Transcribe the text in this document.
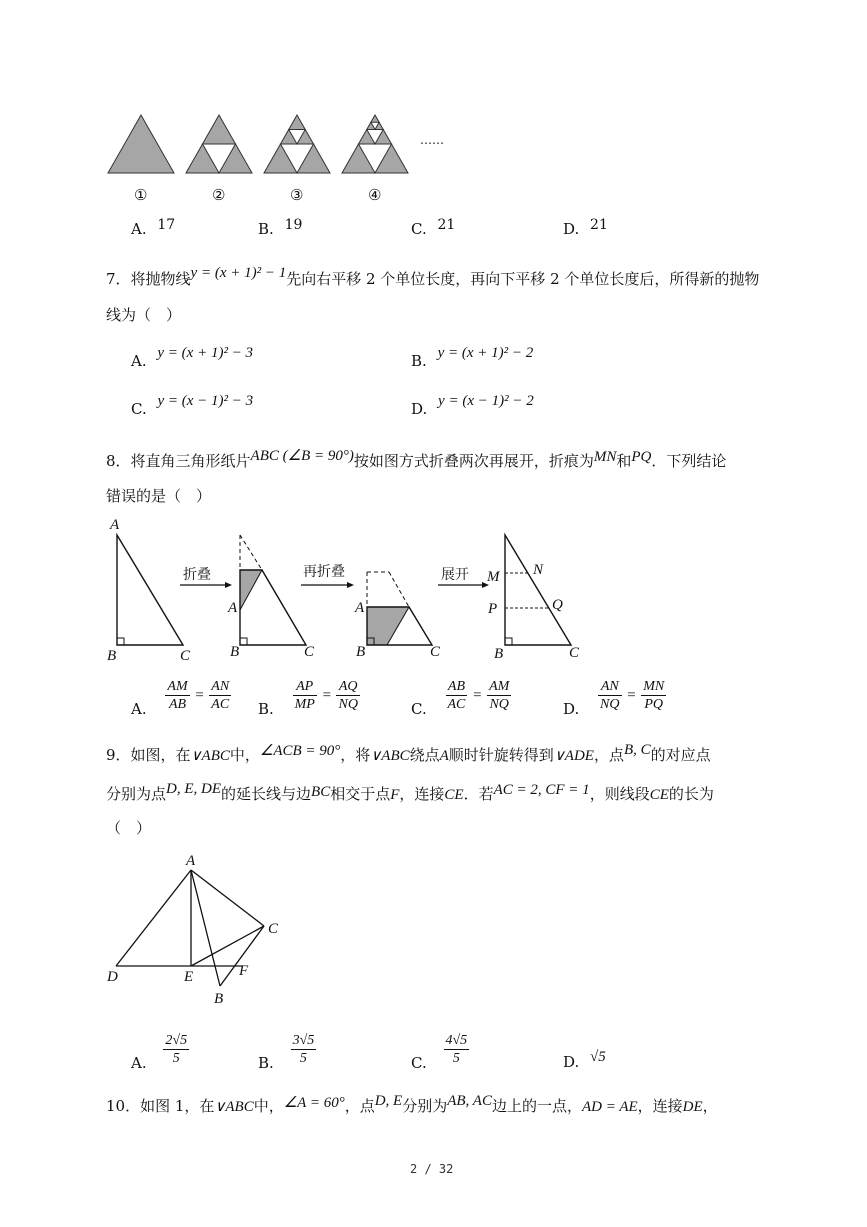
①	②	③	④
……
A. 17	B. 19	C. 21	D. 21
7．将抛物线y = (x + 1)² − 1先向右平移 2 个单位长度，再向下平移 2 个单位长度后，所得新的抛物
线为（　）
A. y = (x + 1)² − 3	B. y = (x + 1)² − 2
C. y = (x − 1)² − 3	D. y = (x − 1)² − 2
8．将直角三角形纸片ABC (∠B = 90°)按如图方式折叠两次再展开，折痕为MN和PQ．下列结论
错误的是（　）
A
B	C
折叠
A
B	C
再折叠
A
B	C
展开 M N
P	Q
B	C
A. $\frac{AM}{AB} = \frac{AN}{AC} B$. $\frac{AP}{MP} = \frac{AQ}{NQ}$	C. $\frac{AB}{AC} = \frac{AM}{NQ}$	D. $\frac{AN}{NQ} = \frac{MN}{PQ}$
9．如图，在∨ABC中，∠ACB = 90°，将∨ABC绕点A顺时针旋转得到∨ADE，点B, C的对应点
分别为点D, E, DE的延长线与边BC相交于点F，连接CE．若AC = 2, CF = 1，则线段CE的长为
（　）
A
C
D	E	F
B
A. $\frac{2√5}{5}$	B. $\frac{3√5}{5}$	C. $\frac{4√5}{5}$	D. √5
10．如图 1，在∨ABC中，∠A = 60°，点D, E分别为AB, AC边上的一点，AD = AE，连接DE，
2 / 32
